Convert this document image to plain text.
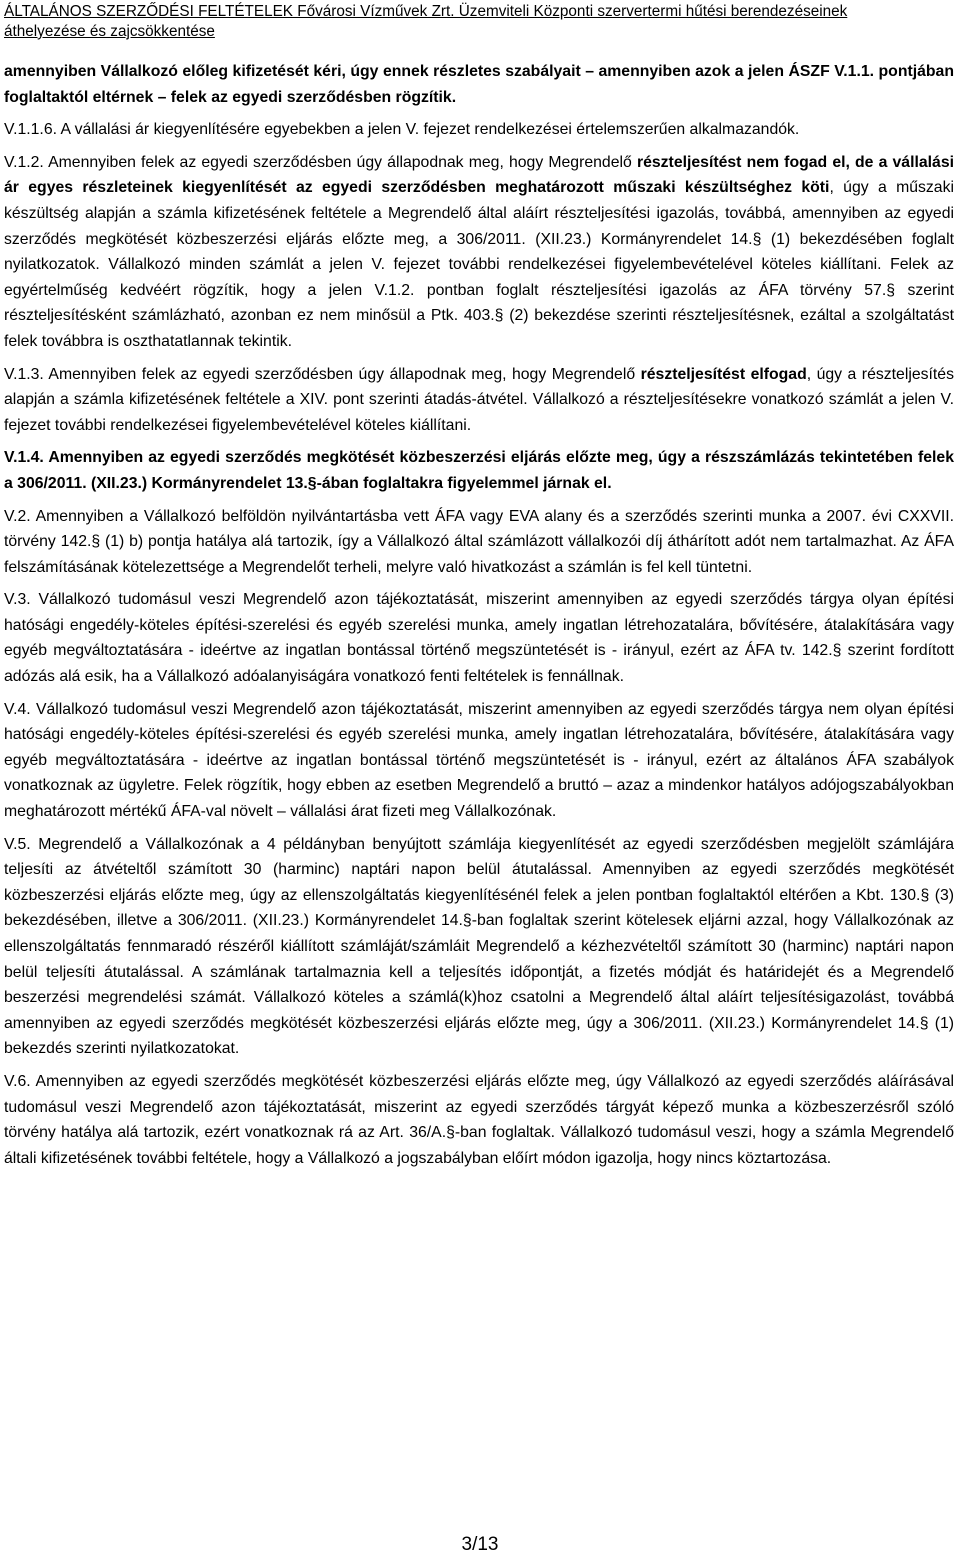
ÁLTALÁNOS SZERZŐDÉSI FELTÉTELEK Fővárosi Vízművek Zrt. Üzemviteli Központi szervertermi hűtési berendezéseinek
áthelyezése és zajcsökkentése

amennyiben Vállalkozó előleg kifizetését kéri, úgy ennek részletes szabályait – amennyiben azok a jelen ÁSZF V.1.1. pontjában foglaltaktól eltérnek – felek az egyedi szerződésben rögzítik.

V.1.1.6. A vállalási ár kiegyenlítésére egyebekben a jelen V. fejezet rendelkezései értelemszerűen alkalmazandók.

V.1.2. Amennyiben felek az egyedi szerződésben úgy állapodnak meg, hogy Megrendelő részteljesítést nem fogad el, de a vállalási ár egyes részleteinek kiegyenlítését az egyedi szerződésben meghatározott műszaki készültséghez köti, úgy a műszaki készültség alapján a számla kifizetésének feltétele a Megrendelő által aláírt részteljesítési igazolás, továbbá, amennyiben az egyedi szerződés megkötését közbeszerzési eljárás előzte meg, a 306/2011. (XII.23.) Kormányrendelet 14.§ (1) bekezdésében foglalt nyilatkozatok. Vállalkozó minden számlát a jelen V. fejezet további rendelkezései figyelembevételével köteles kiállítani. Felek az egyértelműség kedvéért rögzítik, hogy a jelen V.1.2. pontban foglalt részteljesítési igazolás az ÁFA törvény 57.§ szerint részteljesítésként számlázható, azonban ez nem minősül a Ptk. 403.§ (2) bekezdése szerinti részteljesítésnek, ezáltal a szolgáltatást felek továbbra is oszthatatlannak tekintik.

V.1.3. Amennyiben felek az egyedi szerződésben úgy állapodnak meg, hogy Megrendelő részteljesítést elfogad, úgy a részteljesítés alapján a számla kifizetésének feltétele a XIV. pont szerinti átadás-átvétel. Vállalkozó a részteljesítésekre vonatkozó számlát a jelen V. fejezet további rendelkezései figyelembevételével köteles kiállítani.

V.1.4. Amennyiben az egyedi szerződés megkötését közbeszerzési eljárás előzte meg, úgy a részszámlázás tekintetében felek a 306/2011. (XII.23.) Kormányrendelet 13.§-ában foglaltakra figyelemmel járnak el.

V.2. Amennyiben a Vállalkozó belföldön nyilvántartásba vett ÁFA vagy EVA alany és a szerződés szerinti munka a 2007. évi CXXVII. törvény 142.§ (1) b) pontja hatálya alá tartozik, így a Vállalkozó által számlázott vállalkozói díj áthárított adót nem tartalmazhat. Az ÁFA felszámításának kötelezettsége a Megrendelőt terheli, melyre való hivatkozást a számlán is fel kell tüntetni.

V.3. Vállalkozó tudomásul veszi Megrendelő azon tájékoztatását, miszerint amennyiben az egyedi szerződés tárgya olyan építési hatósági engedély-köteles építési-szerelési és egyéb szerelési munka, amely ingatlan létrehozatalára, bővítésére, átalakítására vagy egyéb megváltoztatására - ideértve az ingatlan bontással történő megszüntetését is - irányul, ezért az ÁFA tv. 142.§ szerint fordított adózás alá esik, ha a Vállalkozó adóalanyiságára vonatkozó fenti feltételek is fennállnak.

V.4. Vállalkozó tudomásul veszi Megrendelő azon tájékoztatását, miszerint amennyiben az egyedi szerződés tárgya nem olyan építési hatósági engedély-köteles építési-szerelési és egyéb szerelési munka, amely ingatlan létrehozatalára, bővítésére, átalakítására vagy egyéb megváltoztatására - ideértve az ingatlan bontással történő megszüntetését is - irányul, ezért az általános ÁFA szabályok vonatkoznak az ügyletre. Felek rögzítik, hogy ebben az esetben Megrendelő a bruttó – azaz a mindenkor hatályos adójogszabályokban meghatározott mértékű ÁFA-val növelt – vállalási árat fizeti meg Vállalkozónak.

V.5. Megrendelő a Vállalkozónak a 4 példányban benyújtott számlája kiegyenlítését az egyedi szerződésben megjelölt számlájára teljesíti az átvételtől számított 30 (harminc) naptári napon belül átutalással. Amennyiben az egyedi szerződés megkötését közbeszerzési eljárás előzte meg, úgy az ellenszolgáltatás kiegyenlítésénél felek a jelen pontban foglaltaktól eltérően a Kbt. 130.§ (3) bekezdésében, illetve a 306/2011. (XII.23.) Kormányrendelet 14.§-ban foglaltak szerint kötelesek eljárni azzal, hogy Vállalkozónak az ellenszolgáltatás fennmaradó részéről kiállított számláját/számláit Megrendelő a kézhezvételtől számított 30 (harminc) naptári napon belül teljesíti átutalással. A számlának tartalmaznia kell a teljesítés időpontját, a fizetés módját és határidejét és a Megrendelő beszerzési megrendelési számát. Vállalkozó köteles a számlá(k)hoz csatolni a Megrendelő által aláírt teljesítésigazolást, továbbá amennyiben az egyedi szerződés megkötését közbeszerzési eljárás előzte meg, úgy a 306/2011. (XII.23.) Kormányrendelet 14.§ (1) bekezdés szerinti nyilatkozatokat.

V.6. Amennyiben az egyedi szerződés megkötését közbeszerzési eljárás előzte meg, úgy Vállalkozó az egyedi szerződés aláírásával tudomásul veszi Megrendelő azon tájékoztatását, miszerint az egyedi szerződés tárgyát képező munka a közbeszerzésről szóló törvény hatálya alá tartozik, ezért vonatkoznak rá az Art. 36/A.§-ban foglaltak. Vállalkozó tudomásul veszi, hogy a számla Megrendelő általi kifizetésének további feltétele, hogy a Vállalkozó a jogszabályban előírt módon igazolja, hogy nincs köztartozása.

3/13
